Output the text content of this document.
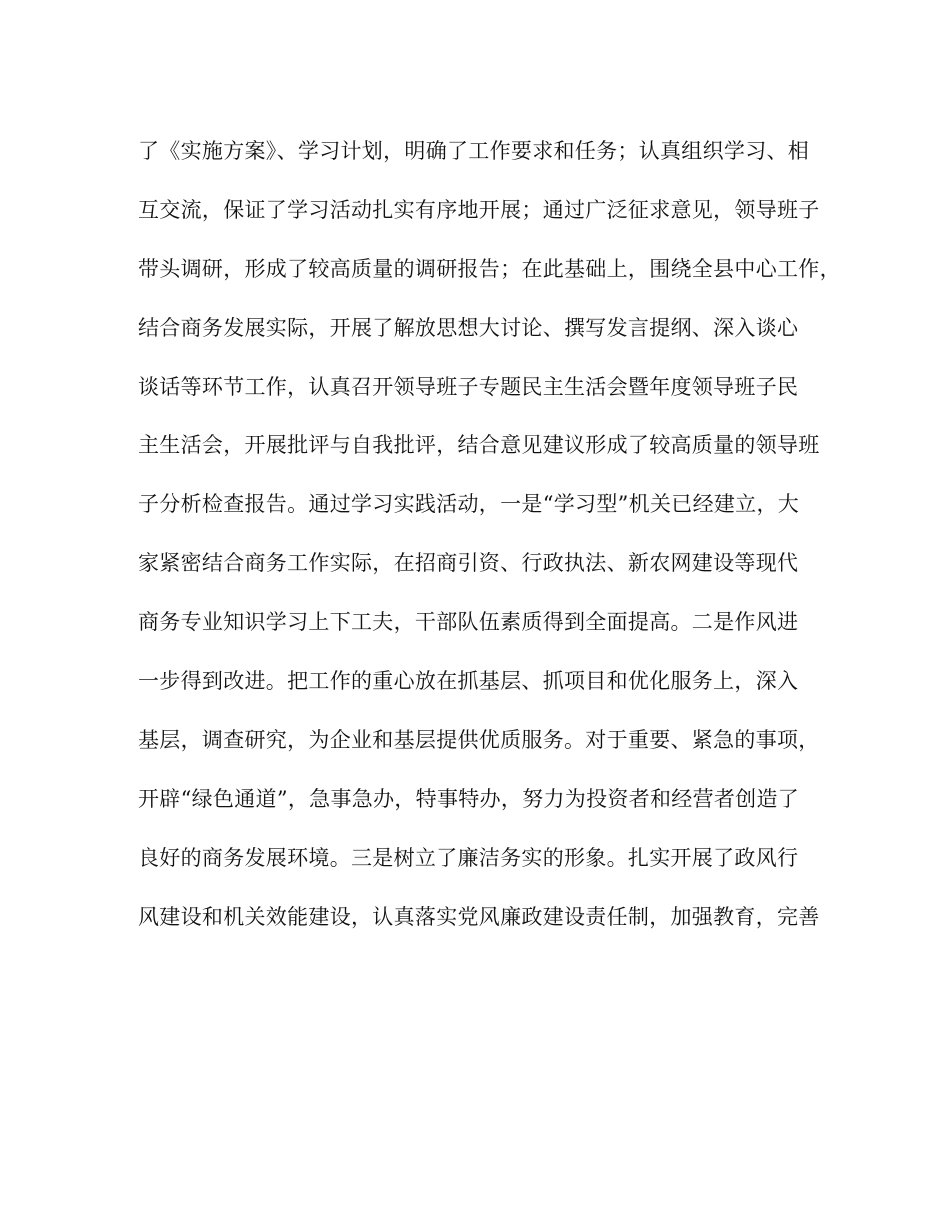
了《实施方案》、学习计划，明确了工作要求和任务；认真组织学习、相
互交流，保证了学习活动扎实有序地开展；通过广泛征求意见，领导班子
带头调研，形成了较高质量的调研报告；在此基础上，围绕全县中心工作，
结合商务发展实际，开展了解放思想大讨论、撰写发言提纲、深入谈心
谈话等环节工作，认真召开领导班子专题民主生活会暨年度领导班子民
主生活会，开展批评与自我批评，结合意见建议形成了较高质量的领导班
子分析检查报告。通过学习实践活动，一是“学习型”机关已经建立，大
家紧密结合商务工作实际，在招商引资、行政执法、新农网建设等现代
商务专业知识学习上下工夫，干部队伍素质得到全面提高。二是作风进
一步得到改进。把工作的重心放在抓基层、抓项目和优化服务上，深入
基层，调查研究，为企业和基层提供优质服务。对于重要、紧急的事项，
开辟“绿色通道”，急事急办，特事特办，努力为投资者和经营者创造了
良好的商务发展环境。三是树立了廉洁务实的形象。扎实开展了政风行
风建设和机关效能建设，认真落实党风廉政建设责任制，加强教育，完善
